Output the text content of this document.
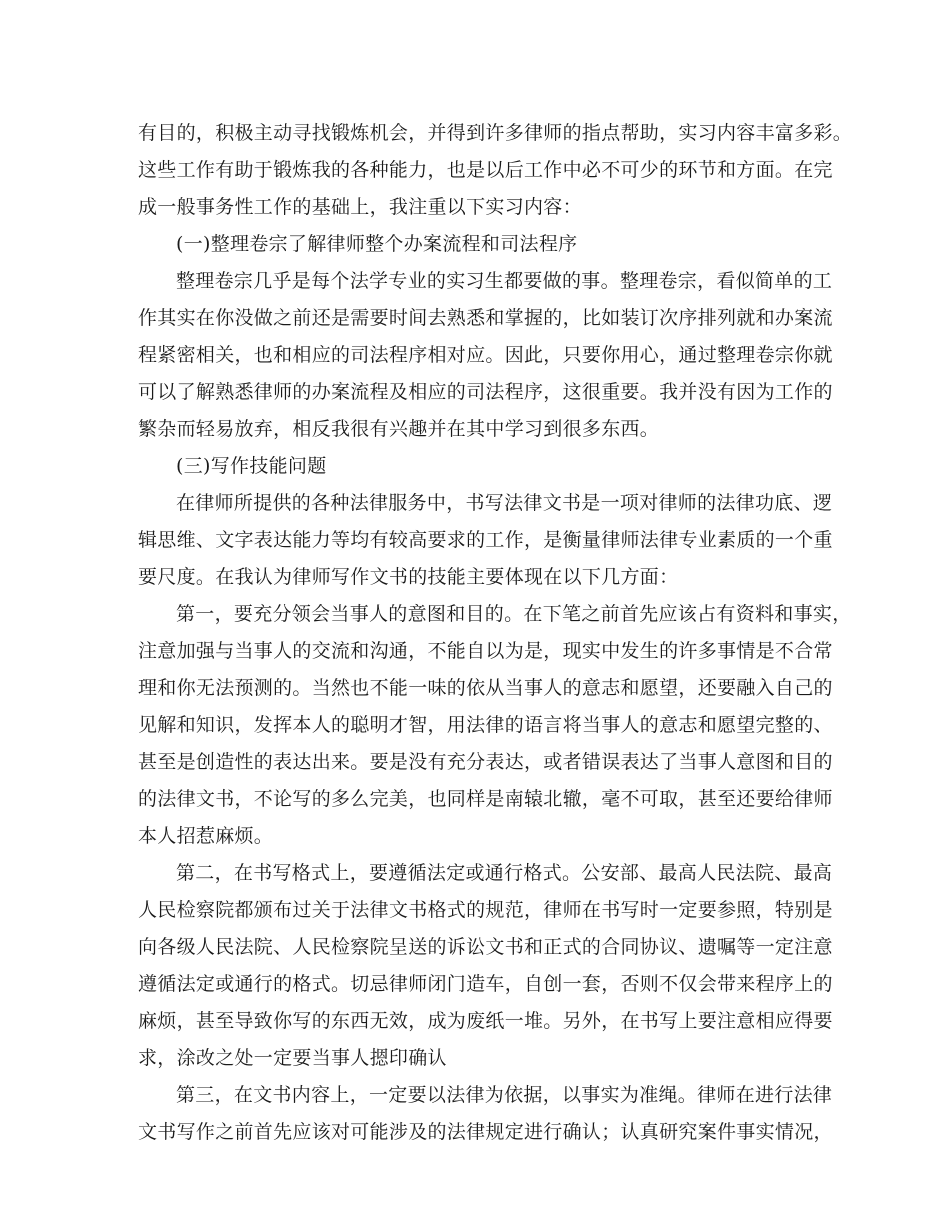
有目的，积极主动寻找锻炼机会，并得到许多律师的指点帮助，实习内容丰富多彩。
这些工作有助于锻炼我的各种能力，也是以后工作中必不可少的环节和方面。在完
成一般事务性工作的基础上，我注重以下实习内容：
(一)整理卷宗了解律师整个办案流程和司法程序
整理卷宗几乎是每个法学专业的实习生都要做的事。整理卷宗，看似简单的工
作其实在你没做之前还是需要时间去熟悉和掌握的，比如装订次序排列就和办案流
程紧密相关，也和相应的司法程序相对应。因此，只要你用心，通过整理卷宗你就
可以了解熟悉律师的办案流程及相应的司法程序，这很重要。我并没有因为工作的
繁杂而轻易放弃，相反我很有兴趣并在其中学习到很多东西。
(三)写作技能问题
在律师所提供的各种法律服务中，书写法律文书是一项对律师的法律功底、逻
辑思维、文字表达能力等均有较高要求的工作，是衡量律师法律专业素质的一个重
要尺度。在我认为律师写作文书的技能主要体现在以下几方面：
第一，要充分领会当事人的意图和目的。在下笔之前首先应该占有资料和事实，
注意加强与当事人的交流和沟通，不能自以为是，现实中发生的许多事情是不合常
理和你无法预测的。当然也不能一味的依从当事人的意志和愿望，还要融入自己的
见解和知识，发挥本人的聪明才智，用法律的语言将当事人的意志和愿望完整的、
甚至是创造性的表达出来。要是没有充分表达，或者错误表达了当事人意图和目的
的法律文书，不论写的多么完美，也同样是南辕北辙，毫不可取，甚至还要给律师
本人招惹麻烦。
第二，在书写格式上，要遵循法定或通行格式。公安部、最高人民法院、最高
人民检察院都颁布过关于法律文书格式的规范，律师在书写时一定要参照，特别是
向各级人民法院、人民检察院呈送的诉讼文书和正式的合同协议、遗嘱等一定注意
遵循法定或通行的格式。切忌律师闭门造车，自创一套，否则不仅会带来程序上的
麻烦，甚至导致你写的东西无效，成为废纸一堆。另外，在书写上要注意相应得要
求，涂改之处一定要当事人摁印确认
第三，在文书内容上，一定要以法律为依据，以事实为准绳。律师在进行法律
文书写作之前首先应该对可能涉及的法律规定进行确认；认真研究案件事实情况，
